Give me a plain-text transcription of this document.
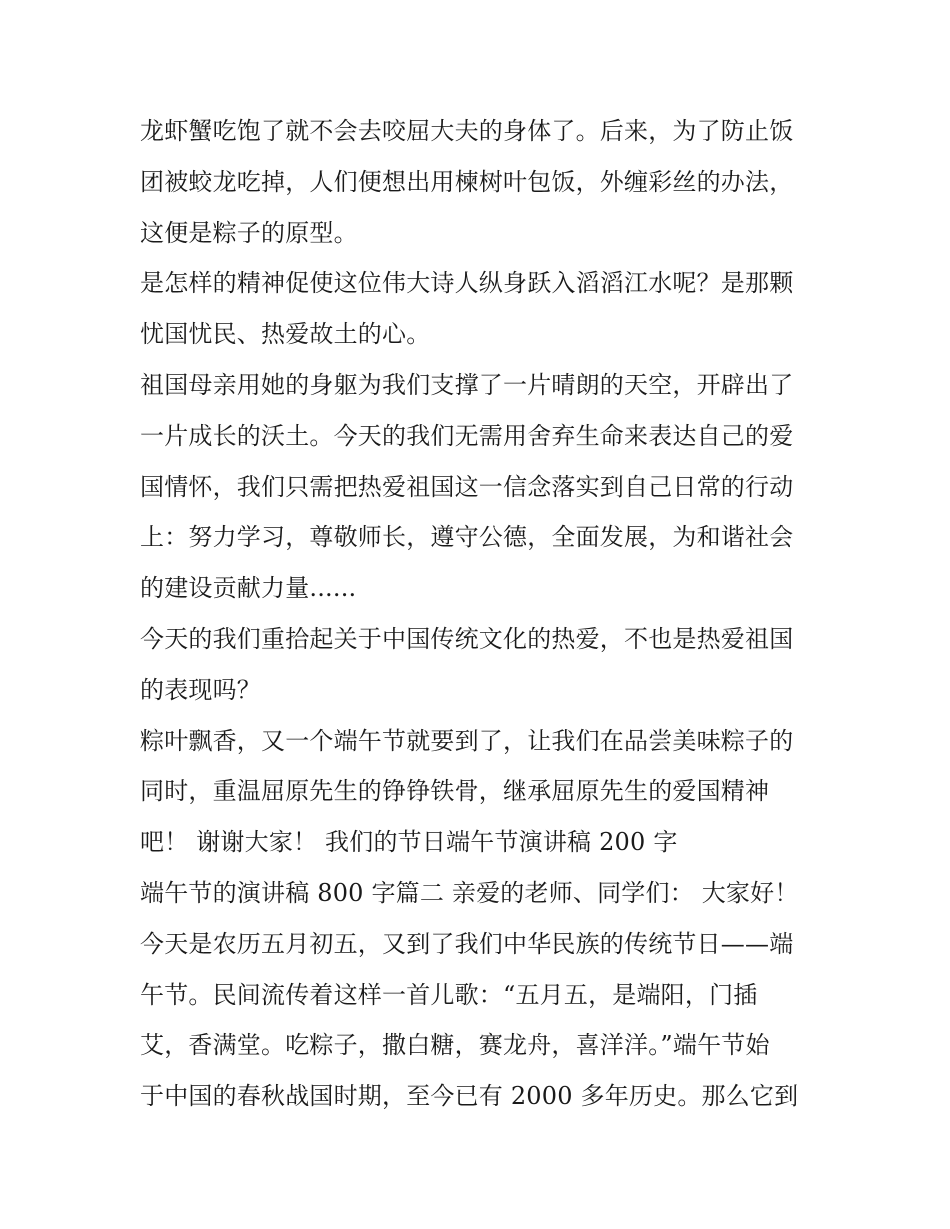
龙虾蟹吃饱了就不会去咬屈大夫的身体了。后来，为了防止饭
团被蛟龙吃掉，人们便想出用楝树叶包饭，外缠彩丝的办法，
这便是粽子的原型。
是怎样的精神促使这位伟大诗人纵身跃入滔滔江水呢？是那颗
忧国忧民、热爱故土的心。
祖国母亲用她的身躯为我们支撑了一片晴朗的天空，开辟出了
一片成长的沃土。今天的我们无需用舍弃生命来表达自己的爱
国情怀，我们只需把热爱祖国这一信念落实到自己日常的行动
上：努力学习，尊敬师长，遵守公德，全面发展，为和谐社会
的建设贡献力量......
今天的我们重拾起关于中国传统文化的热爱，不也是热爱祖国
的表现吗？
粽叶飘香，又一个端午节就要到了，让我们在品尝美味粽子的
同时，重温屈原先生的铮铮铁骨，继承屈原先生的爱国精神
吧！ 谢谢大家！ 我们的节日端午节演讲稿 200 字
端午节的演讲稿 800 字篇二 亲爱的老师、同学们： 大家好！
今天是农历五月初五，又到了我们中华民族的传统节日——端
午节。民间流传着这样一首儿歌：“五月五，是端阳，门插
艾，香满堂。吃粽子，撒白糖，赛龙舟，喜洋洋。”端午节始
于中国的春秋战国时期，至今已有 2000 多年历史。那么它到
